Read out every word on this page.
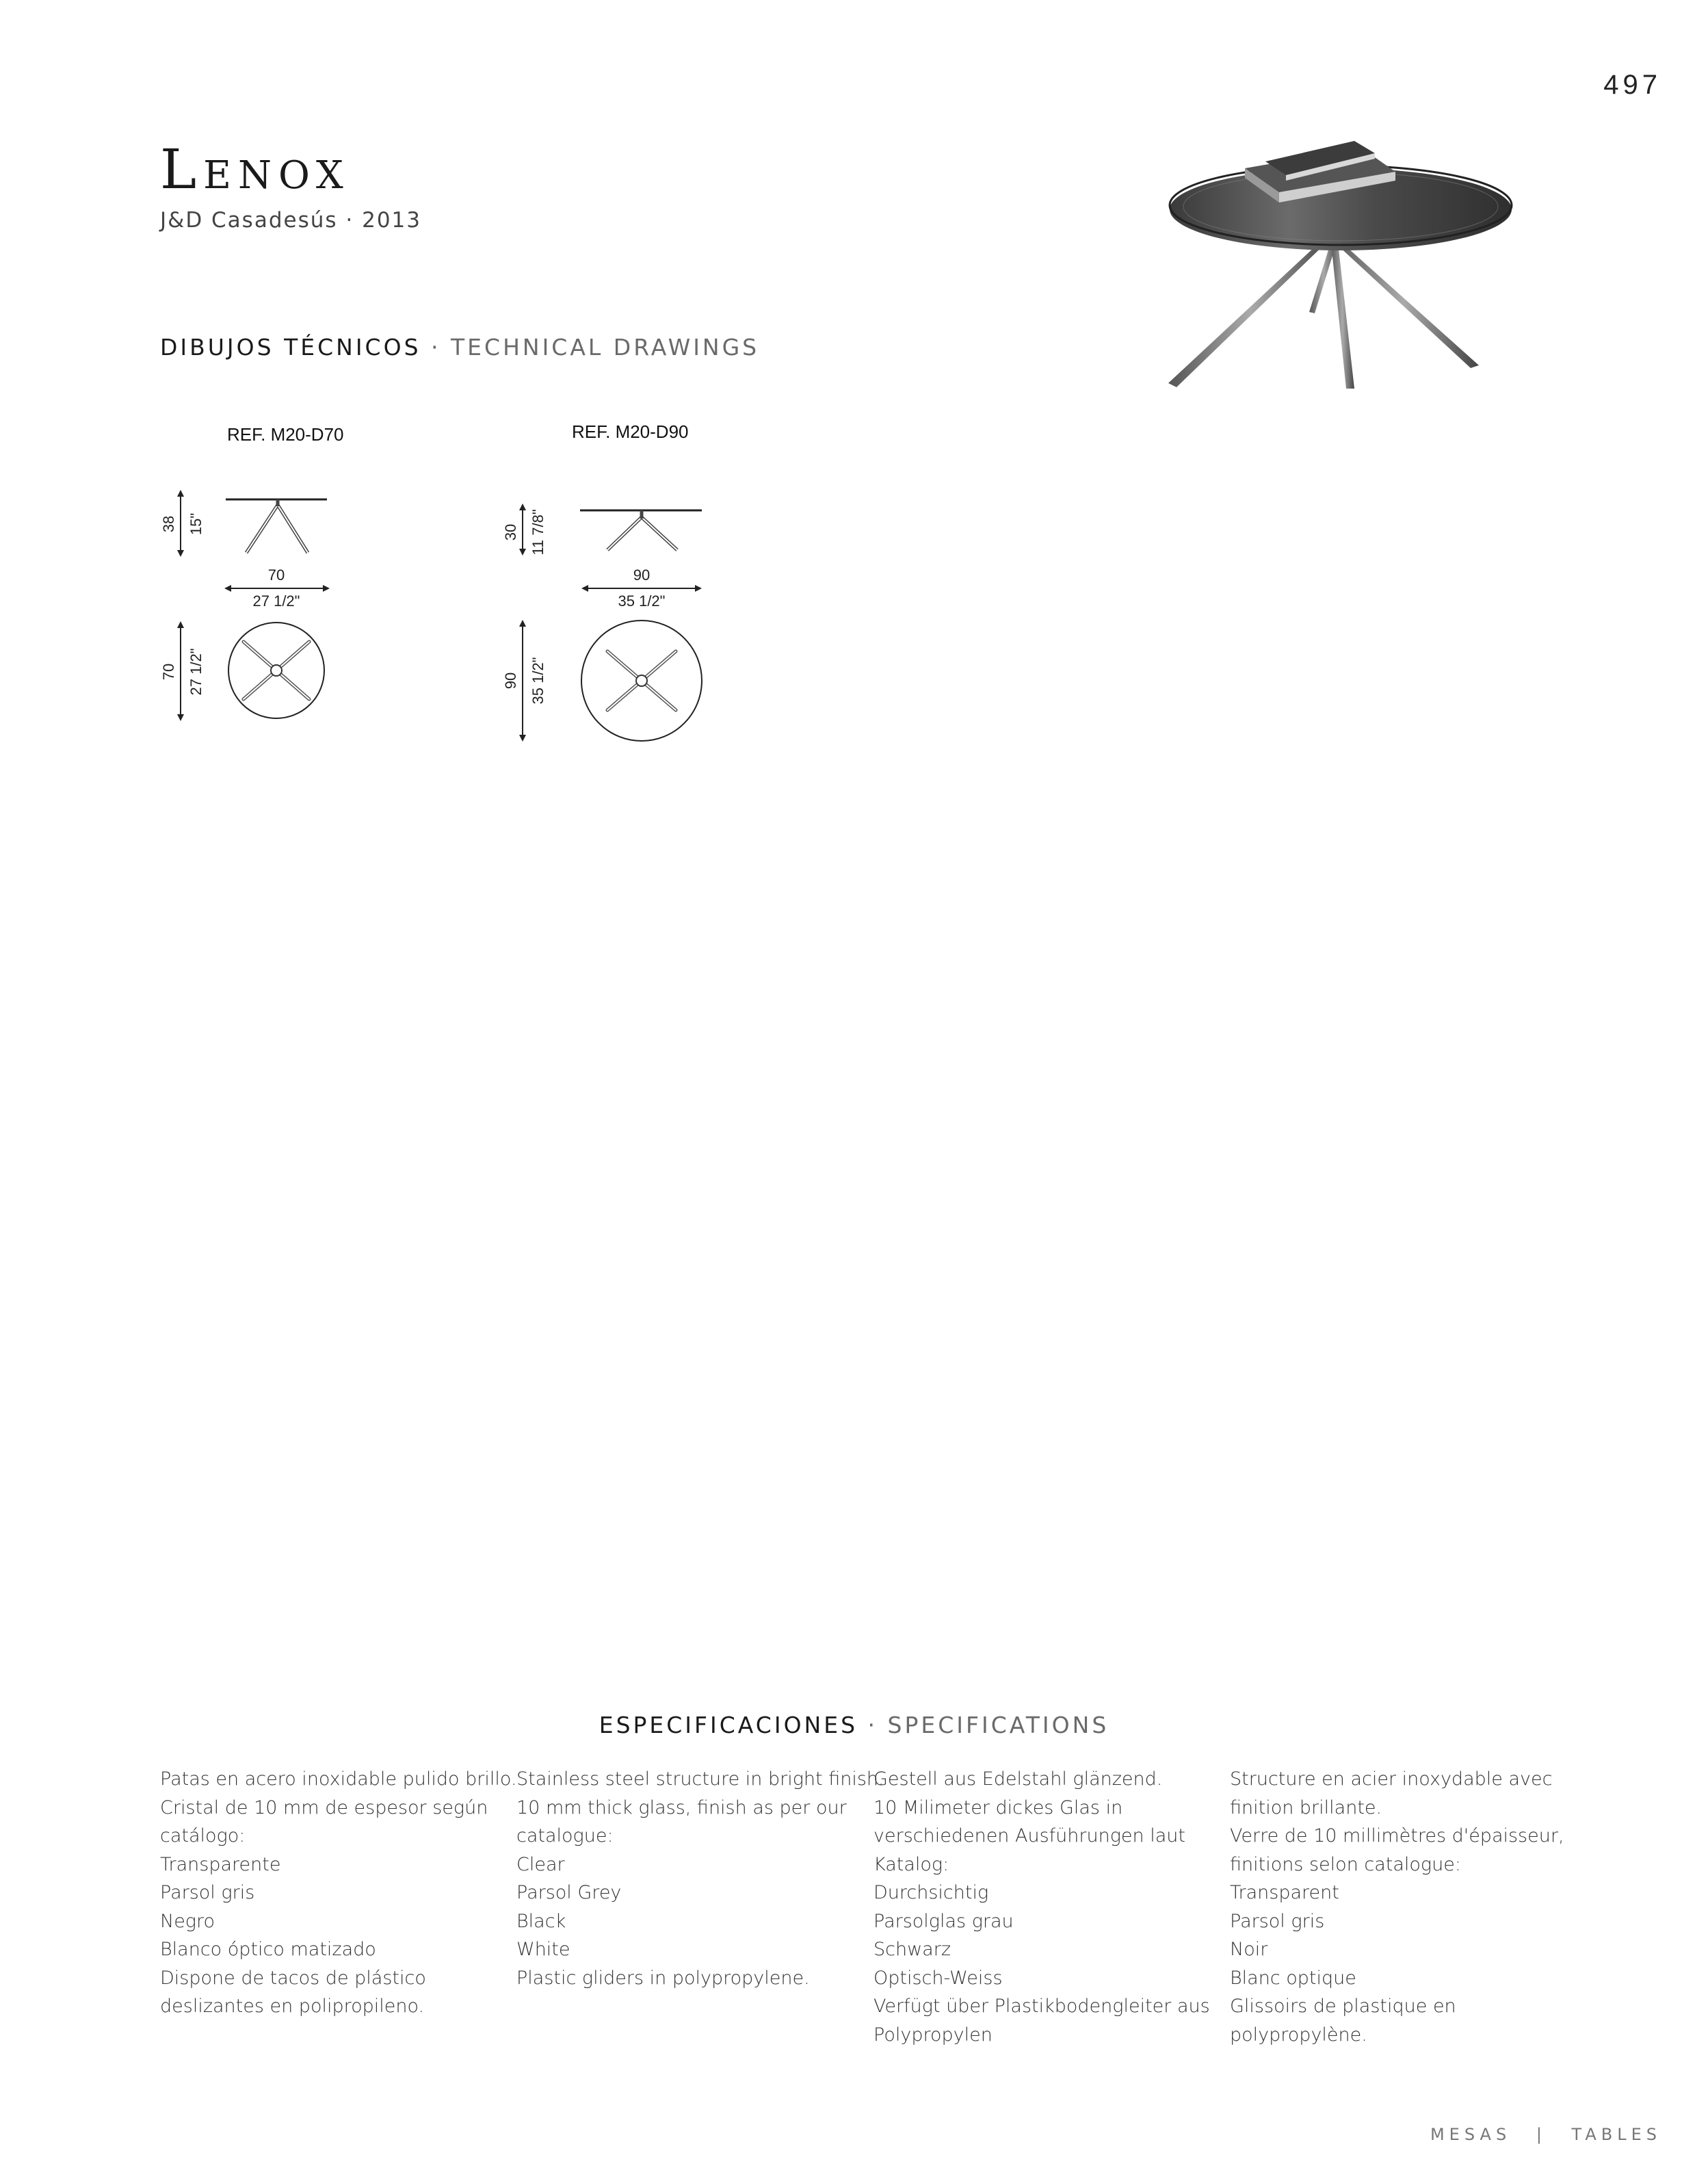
497
Lenox
J&D Casadesús · 2013
DIBUJOS TÉCNICOS · TECHNICAL DRAWINGS
REF. M20-D70
38 15"
70
27 1/2"
70 27 1/2"
REF. M20-D90
30 11 7/8"
90
35 1/2"
90 35 1/2"
ESPECIFICACIONES · SPECIFICATIONS
Patas en acero inoxidable pulido brillo.
Cristal de 10 mm de espesor según
catálogo:
Transparente
Parsol gris
Negro
Blanco óptico matizado
Dispone de tacos de plástico
deslizantes en polipropileno.
Stainless steel structure in bright finish.
10 mm thick glass, finish as per our
catalogue:
Clear
Parsol Grey
Black
White
Plastic gliders in polypropylene.
Gestell aus Edelstahl glänzend.
10 Milimeter dickes Glas in
verschiedenen Ausführungen laut
Katalog:
Durchsichtig
Parsolglas grau
Schwarz
Optisch-Weiss
Verfügt über Plastikbodengleiter aus
Polypropylen
Structure en acier inoxydable avec
finition brillante.
Verre de 10 millimètres d'épaisseur,
finitions selon catalogue:
Transparent
Parsol gris
Noir
Blanc optique
Glissoirs de plastique en
polypropylène.
MESAS | TABLES
